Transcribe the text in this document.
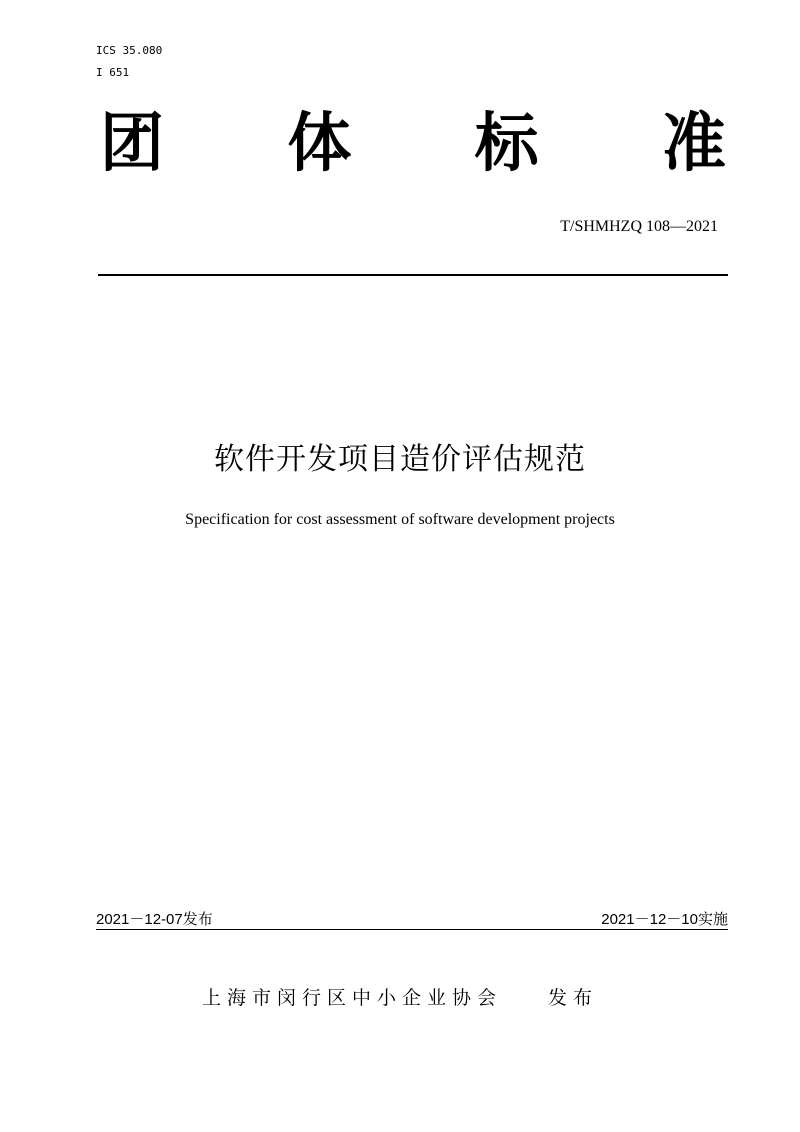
ICS 35.080
I 651
团 体 标 准
T/SHMHZQ 108—2021
软件开发项目造价评估规范
Specification for cost assessment of software development projects
2021－12-07发布	2021－12－10实施
上海市闵行区中小企业协会 发布
